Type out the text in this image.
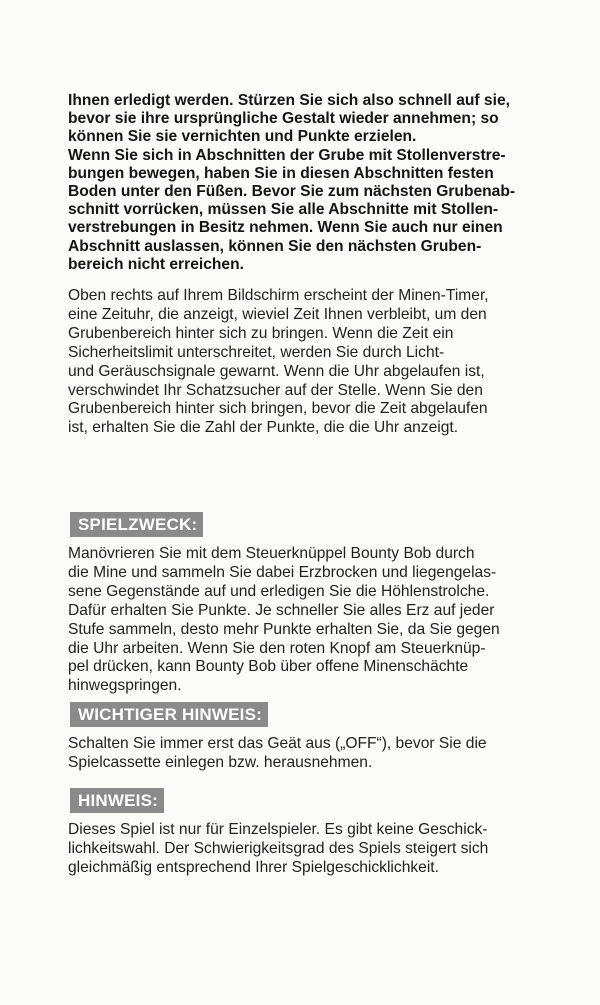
Ihnen erledigt werden. Stürzen Sie sich also schnell auf sie,
bevor sie ihre ursprüngliche Gestalt wieder annehmen; so
können Sie sie vernichten und Punkte erzielen.
Wenn Sie sich in Abschnitten der Grube mit Stollenverstre-
bungen bewegen, haben Sie in diesen Abschnitten festen
Boden unter den Füßen. Bevor Sie zum nächsten Grubenab-
schnitt vorrücken, müssen Sie alle Abschnitte mit Stollen-
verstrebungen in Besitz nehmen. Wenn Sie auch nur einen
Abschnitt auslassen, können Sie den nächsten Gruben-
bereich nicht erreichen.
Oben rechts auf Ihrem Bildschirm erscheint der Minen-Timer,
eine Zeituhr, die anzeigt, wieviel Zeit Ihnen verbleibt, um den
Grubenbereich hinter sich zu bringen. Wenn die Zeit ein
Sicherheitslimit unterschreitet, werden Sie durch Licht-
und Geräuschsignale gewarnt. Wenn die Uhr abgelaufen ist,
verschwindet Ihr Schatzsucher auf der Stelle. Wenn Sie den
Grubenbereich hinter sich bringen, bevor die Zeit abgelaufen
ist, erhalten Sie die Zahl der Punkte, die die Uhr anzeigt.
SPIELZWECK:
Manövrieren Sie mit dem Steuerknüppel Bounty Bob durch
die Mine und sammeln Sie dabei Erzbrocken und liegengelas-
sene Gegenstände auf und erledigen Sie die Höhlenstrolche.
Dafür erhalten Sie Punkte. Je schneller Sie alles Erz auf jeder
Stufe sammeln, desto mehr Punkte erhalten Sie, da Sie gegen
die Uhr arbeiten. Wenn Sie den roten Knopf am Steuerknüp-
pel drücken, kann Bounty Bob über offene Minenschächte
hinwegspringen.
WICHTIGER HINWEIS:
Schalten Sie immer erst das Geät aus („OFF“), bevor Sie die
Spielcassette einlegen bzw. herausnehmen.
HINWEIS:
Dieses Spiel ist nur für Einzelspieler. Es gibt keine Geschick-
lichkeitswahl. Der Schwierigkeitsgrad des Spiels steigert sich
gleichmäßig entsprechend Ihrer Spielgeschicklichkeit.
